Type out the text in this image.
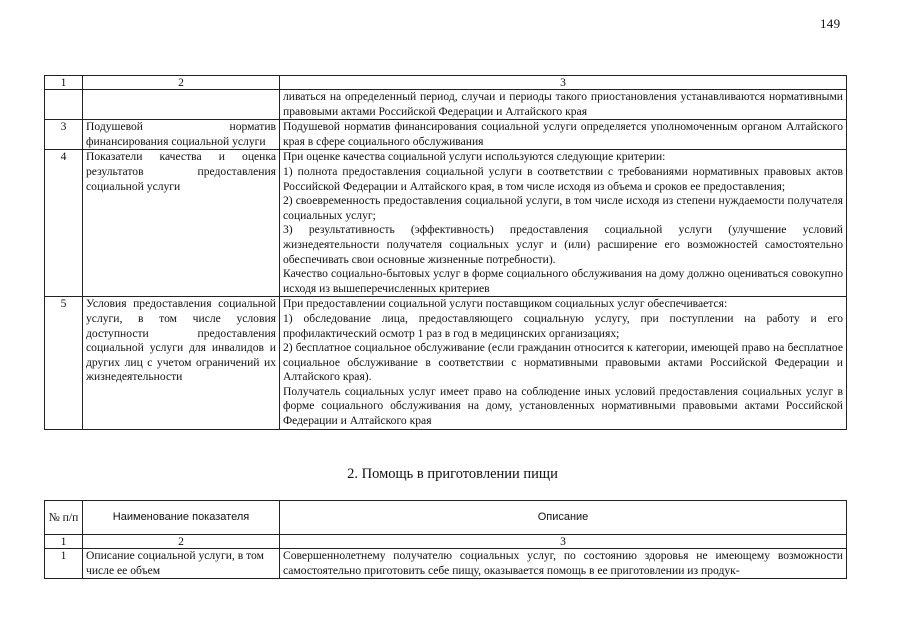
149
1	2	3

		ливаться на определенный период, случаи и периоды такого приостановления устанавливаются нормативными правовыми актами Российской Федерации и Алтайского края

3	Подушевой норматив финансирования социальной услуги	Подушевой норматив финансирования социальной услуги определяется уполномоченным органом Алтайского края в сфере социального обслуживания

4	Показатели качества и оценка результатов предоставления социальной услуги	При оценке качества социальной услуги используются следующие критерии:
1) полнота предоставления социальной услуги в соответствии с требованиями нормативных правовых актов Российской Федерации и Алтайского края, в том числе исходя из объема и сроков ее предоставления;
2) своевременность предоставления социальной услуги, в том числе исходя из степени нуждаемости получателя социальных услуг;
3) результативность (эффективность) предоставления социальной услуги (улучшение условий жизнедеятельности получателя социальных услуг и (или) расширение его возможностей самостоятельно обеспечивать свои основные жизненные потребности).
Качество социально-бытовых услуг в форме социального обслуживания на дому должно оцениваться совокупно исходя из вышеперечисленных критериев

5	Условия предоставления социальной услуги, в том числе условия доступности предоставления социальной услуги для инвалидов и других лиц с учетом ограничений их жизнедеятельности	При предоставлении социальной услуги поставщиком социальных услуг обеспечивается:
1) обследование лица, предоставляющего социальную услугу, при поступлении на работу и его профилактический осмотр 1 раз в год в медицинских организациях;
2) бесплатное социальное обслуживание (если гражданин относится к категории, имеющей право на бесплатное социальное обслуживание в соответствии с нормативными правовыми актами Российской Федерации и Алтайского края).
Получатель социальных услуг имеет право на соблюдение иных условий предоставления социальных услуг в форме социального обслуживания на дому, установленных нормативными правовыми актами Российской Федерации и Алтайского края
2. Помощь в приготовлении пищи
№ п/п	Наименование показателя	Описание
1	2	3
1	Описание социальной услуги, в том числе ее объем	Совершеннолетнему получателю социальных услуг, по состоянию здоровья не имеющему возможности самостоятельно приготовить себе пищу, оказывается помощь в ее приготовлении из продук-
